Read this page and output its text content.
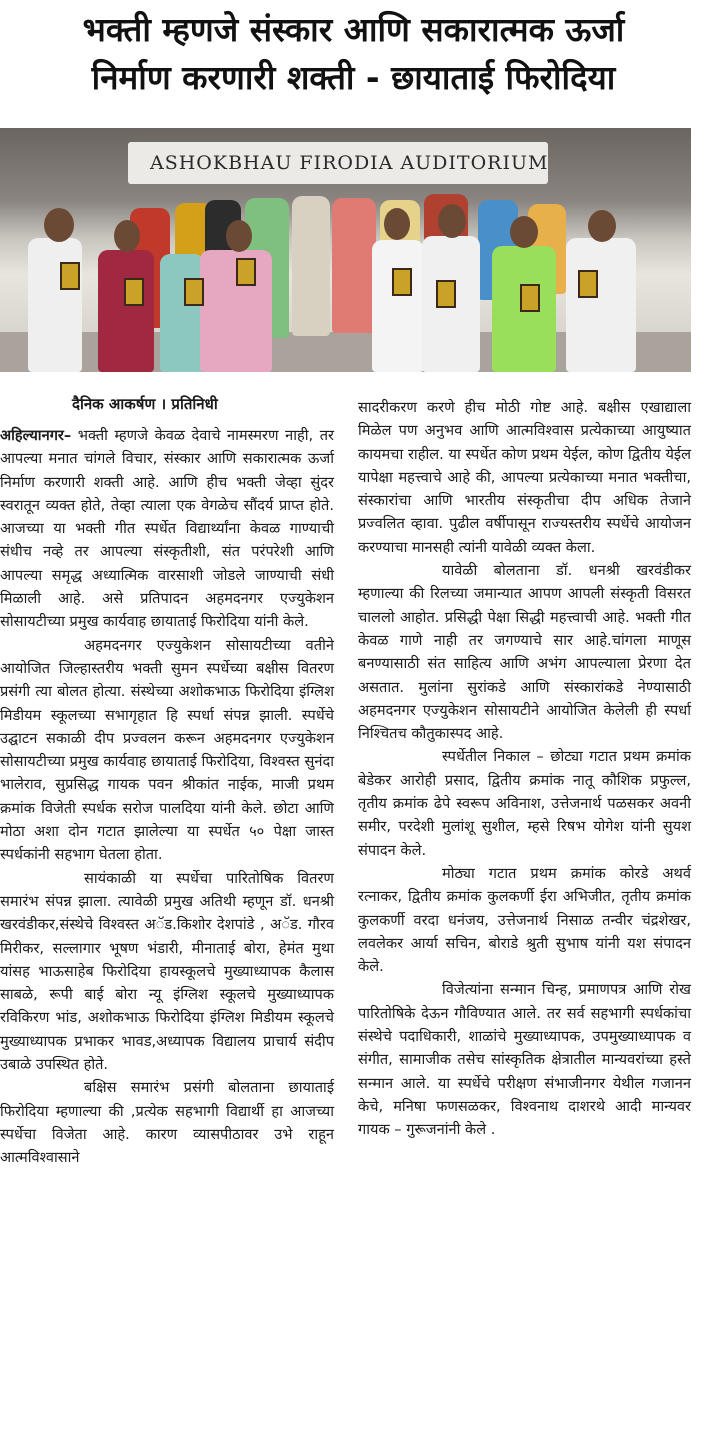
भक्ती म्हणजे संस्कार आणि सकारात्मक ऊर्जा
निर्माण करणारी शक्ती - छायाताई फिरोदिया
ASHOKBHAU FIRODIA AUDITORIUM
दैनिक आकर्षण । प्रतिनिधी

अहिल्यानगर– भक्ती म्हणजे केवळ देवाचे नामस्मरण नाही, तर आपल्या मनात चांगले विचार, संस्कार आणि सकारात्मक ऊर्जा निर्माण करणारी शक्ती आहे. आणि हीच भक्ती जेव्हा सुंदर स्वरातून व्यक्त होते, तेव्हा त्याला एक वेगळेच सौंदर्य प्राप्त होते. आजच्या या भक्ती गीत स्पर्धेत विद्यार्थ्यांना केवळ गाण्याची संधीच नव्हे तर आपल्या संस्कृतीशी, संत परंपरेशी आणि आपल्या समृद्ध अध्यात्मिक वारसाशी जोडले जाण्याची संधी मिळाली आहे. असे प्रतिपादन अहमदनगर एज्युकेशन सोसायटीच्या प्रमुख कार्यवाह छायाताई फिरोदिया यांनी केले.

अहमदनगर एज्युकेशन सोसायटीच्या वतीने आयोजित जिल्हास्तरीय भक्ती सुमन स्पर्धेच्या बक्षीस वितरण प्रसंगी त्या बोलत होत्या. संस्थेच्या अशोकभाऊ फिरोदिया इंग्लिश मिडीयम स्कूलच्या सभागृहात हि स्पर्धा संपन्न झाली. स्पर्धेचे उद्घाटन सकाळी दीप प्रज्वलन करून अहमदनगर एज्युकेशन सोसायटीच्या प्रमुख कार्यवाह छायाताई फिरोदिया, विश्वस्त सुनंदा भालेराव, सुप्रसिद्ध गायक पवन श्रीकांत नाईक, माजी प्रथम क्रमांक विजेती स्पर्धक सरोज पालदिया यांनी केले. छोटा आणि मोठा अशा दोन गटात झालेल्या या स्पर्धेत ५० पेक्षा जास्त स्पर्धकांनी सहभाग घेतला होता.

सायंकाळी या स्पर्धेचा पारितोषिक वितरण समारंभ संपन्न झाला. त्यावेळी प्रमुख अतिथी म्हणून डॉ. धनश्री खरवंडीकर,संस्थेचे विश्वस्त अॅड.किशोर देशपांडे , अॅड. गौरव मिरीकर, सल्लागार भूषण भंडारी, मीनाताई बोरा, हेमंत मुथा यांसह भाऊसाहेब फिरोदिया हायस्कूलचे मुख्याध्यापक कैलास साबळे, रूपी बाई बोरा न्यू इंग्लिश स्कूलचे मुख्याध्यापक रविकिरण भांड, अशोकभाऊ फिरोदिया इंग्लिश मिडीयम स्कूलचे मुख्याध्यापक प्रभाकर भावड,अध्यापक विद्यालय प्राचार्य संदीप उबाळे उपस्थित होते.

बक्षिस समारंभ प्रसंगी बोलताना छायाताई फिरोदिया म्हणाल्या की ,प्रत्येक सहभागी विद्यार्थी हा आजच्या स्पर्धेचा विजेता आहे. कारण व्यासपीठावर उभे राहून आत्मविश्वासाने

सादरीकरण करणे हीच मोठी गोष्ट आहे. बक्षीस एखाद्याला मिळेल पण अनुभव आणि आत्मविश्वास प्रत्येकाच्या आयुष्यात कायमचा राहील. या स्पर्धेत कोण प्रथम येईल, कोण द्वितीय येईल यापेक्षा महत्त्वाचे आहे की, आपल्या प्रत्येकाच्या मनात भक्तीचा, संस्कारांचा आणि भारतीय संस्कृतीचा दीप अधिक तेजाने प्रज्वलित व्हावा. पुढील वर्षीपासून राज्यस्तरीय स्पर्धेचे आयोजन करण्याचा मानसही त्यांनी यावेळी व्यक्त केला.

यावेळी बोलताना डॉ. धनश्री खरवंडीकर म्हणाल्या की रिलच्या जमान्यात आपण आपली संस्कृती विसरत चाललो आहोत. प्रसिद्धी पेक्षा सिद्धी महत्त्वाची आहे. भक्ती गीत केवळ गाणे नाही तर जगण्याचे सार आहे.चांगला माणूस बनण्यासाठी संत साहित्य आणि अभंग आपल्याला प्रेरणा देत असतात. मुलांना सुरांकडे आणि संस्कारांकडे नेण्यासाठी अहमदनगर एज्युकेशन सोसायटीने आयोजित केलेली ही स्पर्धा निश्चितच कौतुकास्पद आहे.

स्पर्धेतील निकाल – छोट्या गटात प्रथम क्रमांक बेडेकर आरोही प्रसाद, द्वितीय क्रमांक नातू कौशिक प्रफुल्ल, तृतीय क्रमांक ढेपे स्वरूप अविनाश, उत्तेजनार्थ पळसकर अवनी समीर, परदेशी मुलांशू सुशील, म्हसे रिषभ योगेश यांनी सुयश संपादन केले.

मोठ्या गटात प्रथम क्रमांक कोरडे अथर्व रत्नाकर, द्वितीय क्रमांक कुलकर्णी ईरा अभिजीत, तृतीय क्रमांक कुलकर्णी वरदा धनंजय, उत्तेजनार्थ निसाळ तन्वीर चंद्रशेखर, लवलेकर आर्या सचिन, बोराडे श्रुती सुभाष यांनी यश संपादन केले.

विजेत्यांना सन्मान चिन्ह, प्रमाणपत्र आणि रोख पारितोषिके देऊन गौविण्यात आले. तर सर्व सहभागी स्पर्धकांचा संस्थेचे पदाधिकारी, शाळांचे मुख्याध्यापक, उपमुख्याध्यापक व संगीत, सामाजीक तसेच सांस्कृतिक क्षेत्रातील मान्यवरांच्या हस्ते सन्मान आले. या स्पर्धेचे परीक्षण संभाजीनगर येथील गजानन केचे, मनिषा फणसळकर, विश्वनाथ दाशरथे आदी मान्यवर गायक – गुरूजनांनी केले .
